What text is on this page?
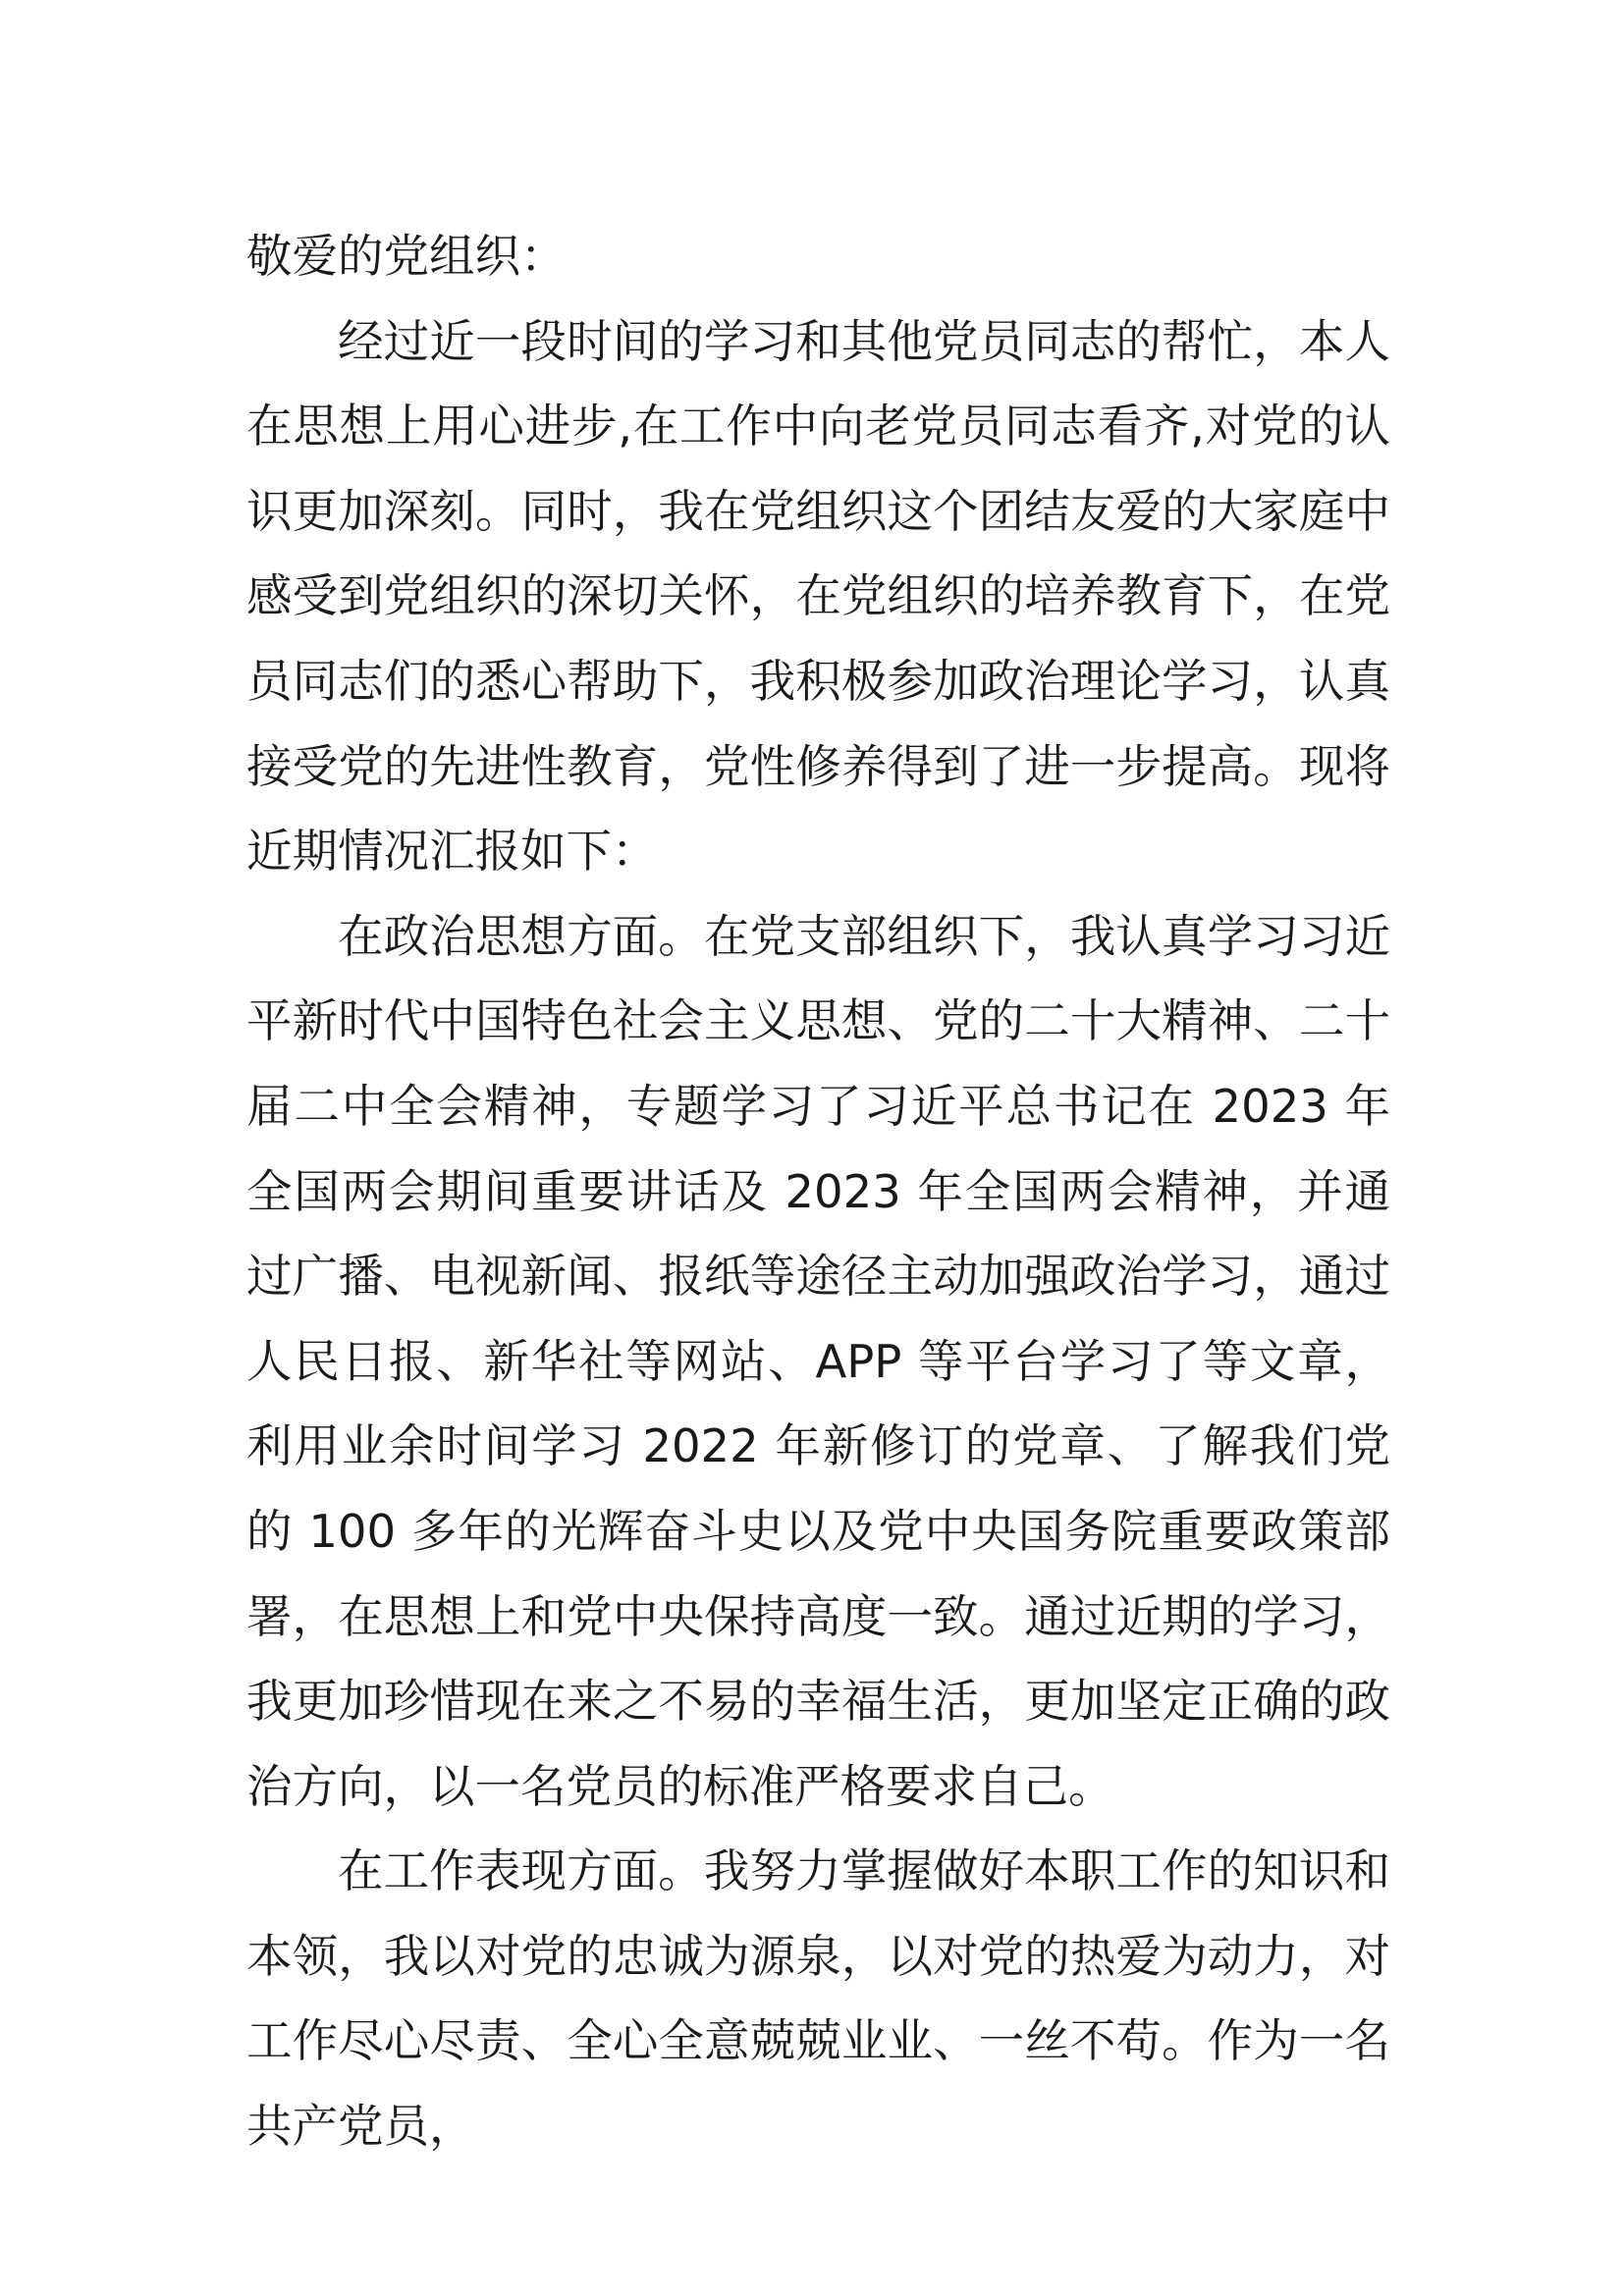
敬爱的党组织：

经过近一段时间的学习和其他党员同志的帮忙，本人在思想上用心进步,在工作中向老党员同志看齐,对党的认识更加深刻。同时，我在党组织这个团结友爱的大家庭中感受到党组织的深切关怀，在党组织的培养教育下，在党员同志们的悉心帮助下，我积极参加政治理论学习，认真接受党的先进性教育，党性修养得到了进一步提高。现将近期情况汇报如下：

在政治思想方面。在党支部组织下，我认真学习习近平新时代中国特色社会主义思想、党的二十大精神、二十届二中全会精神，专题学习了习近平总书记在 2023 年全国两会期间重要讲话及 2023 年全国两会精神，并通过广播、电视新闻、报纸等途径主动加强政治学习，通过人民日报、新华社等网站、APP 等平台学习了等文章，利用业余时间学习 2022 年新修订的党章、了解我们党的 100 多年的光辉奋斗史以及党中央国务院重要政策部署，在思想上和党中央保持高度一致。通过近期的学习，我更加珍惜现在来之不易的幸福生活，更加坚定正确的政治方向，以一名党员的标准严格要求自己。

在工作表现方面。我努力掌握做好本职工作的知识和本领，我以对党的忠诚为源泉，以对党的热爱为动力，对工作尽心尽责、全心全意兢兢业业、一丝不苟。作为一名共产党员，
